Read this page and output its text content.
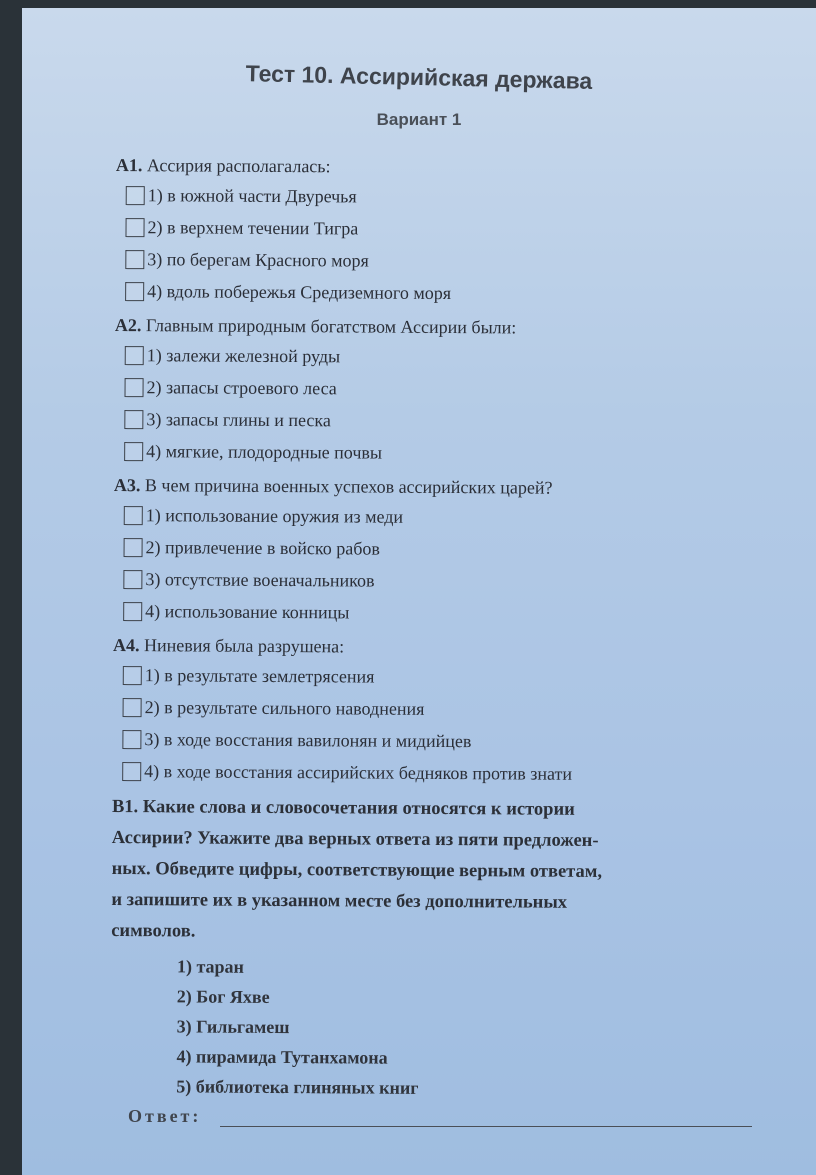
Тест 10. Ассирийская держава
Вариант 1
А1. Ассирия располагалась:
1) в южной части Двуречья
2) в верхнем течении Тигра
3) по берегам Красного моря
4) вдоль побережья Средиземного моря
А2. Главным природным богатством Ассирии были:
1) залежи железной руды
2) запасы строевого леса
3) запасы глины и песка
4) мягкие, плодородные почвы
А3. В чем причина военных успехов ассирийских царей?
1) использование оружия из меди
2) привлечение в войско рабов
3) отсутствие военачальников
4) использование конницы
А4. Ниневия была разрушена:
1) в результате землетрясения
2) в результате сильного наводнения
3) в ходе восстания вавилонян и мидийцев
4) в ходе восстания ассирийских бедняков против знати
В1. Какие слова и словосочетания относятся к истории
Ассирии? Укажите два верных ответа из пяти предложен-
ных. Обведите цифры, соответствующие верным ответам,
и запишите их в указанном месте без дополнительных
символов.
1) таран
2) Бог Яхве
3) Гильгамеш
4) пирамида Тутанхамона
5) библиотека глиняных книг
Ответ:
